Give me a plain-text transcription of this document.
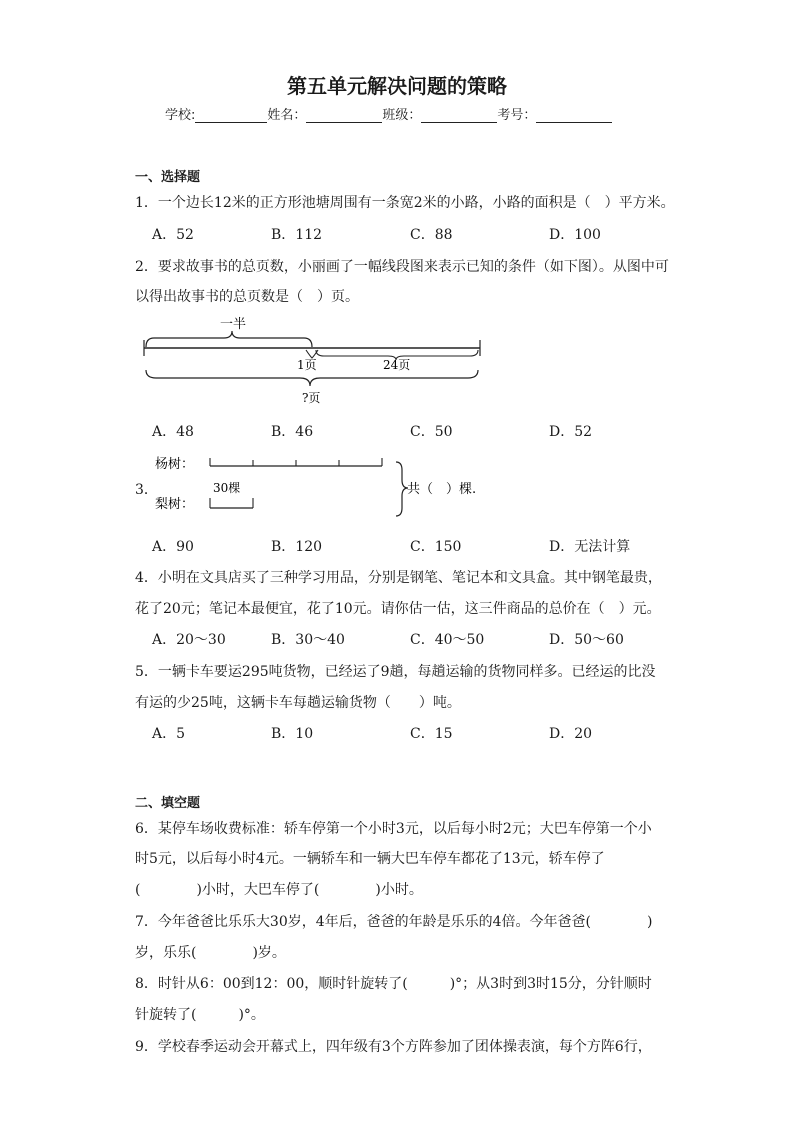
第五单元解决问题的策略
学校:	姓名：	班级：	考号：
一、选择题
1．一个边长12米的正方形池塘周围有一条宽2米的小路，小路的面积是（　）平方米。
A．52	B．112	C．88	D．100
2．要求故事书的总页数，小丽画了一幅线段图来表示已知的条件（如下图）。从图中可
以得出故事书的总页数是（　）页。
一半
1页	24页
?页
A．48	B．46	C．50	D．52
3．
杨树：
30棵
梨树：
共（　）棵.
A．90	B．120	C．150	D．无法计算
4．小明在文具店买了三种学习用品，分别是钢笔、笔记本和文具盒。其中钢笔最贵，
花了20元；笔记本最便宜，花了10元。请你估一估，这三件商品的总价在（　）元。
A．20～30	B．30～40	C．40～50	D．50～60
5．一辆卡车要运295吨货物，已经运了9趟，每趟运输的货物同样多。已经运的比没
有运的少25吨，这辆卡车每趟运输货物（　　）吨。
A．5	B．10	C．15	D．20
二、填空题
6．某停车场收费标准：轿车停第一个小时3元，以后每小时2元；大巴车停第一个小
时5元，以后每小时4元。一辆轿车和一辆大巴车停车都花了13元，轿车停了
(　　　　)小时，大巴车停了(　　　　)小时。
7．今年爸爸比乐乐大30岁，4年后，爸爸的年龄是乐乐的4倍。今年爸爸(　　　　)
岁，乐乐(　　　　)岁。
8．时针从6：00到12：00，顺时针旋转了(　　　)°；从3时到3时15分，分针顺时
针旋转了(　　　)°。
9．学校春季运动会开幕式上，四年级有3个方阵参加了团体操表演，每个方阵6行，
